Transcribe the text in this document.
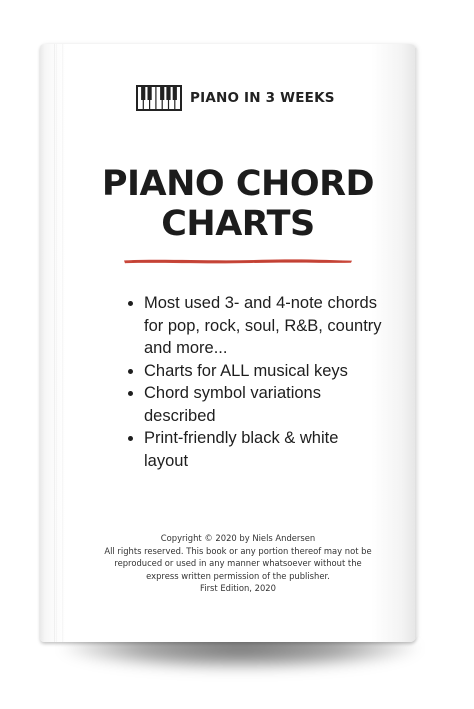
PIANO IN 3 WEEKS
PIANO CHORD
CHARTS
• Most used 3- and 4-note chords for pop, rock, soul, R&B, country and more...
• Charts for ALL musical keys
• Chord symbol variations described
• Print-friendly black & white layout
Copyright © 2020 by Niels Andersen
All rights reserved. This book or any portion thereof may not be
reproduced or used in any manner whatsoever without the
express written permission of the publisher.
First Edition, 2020
